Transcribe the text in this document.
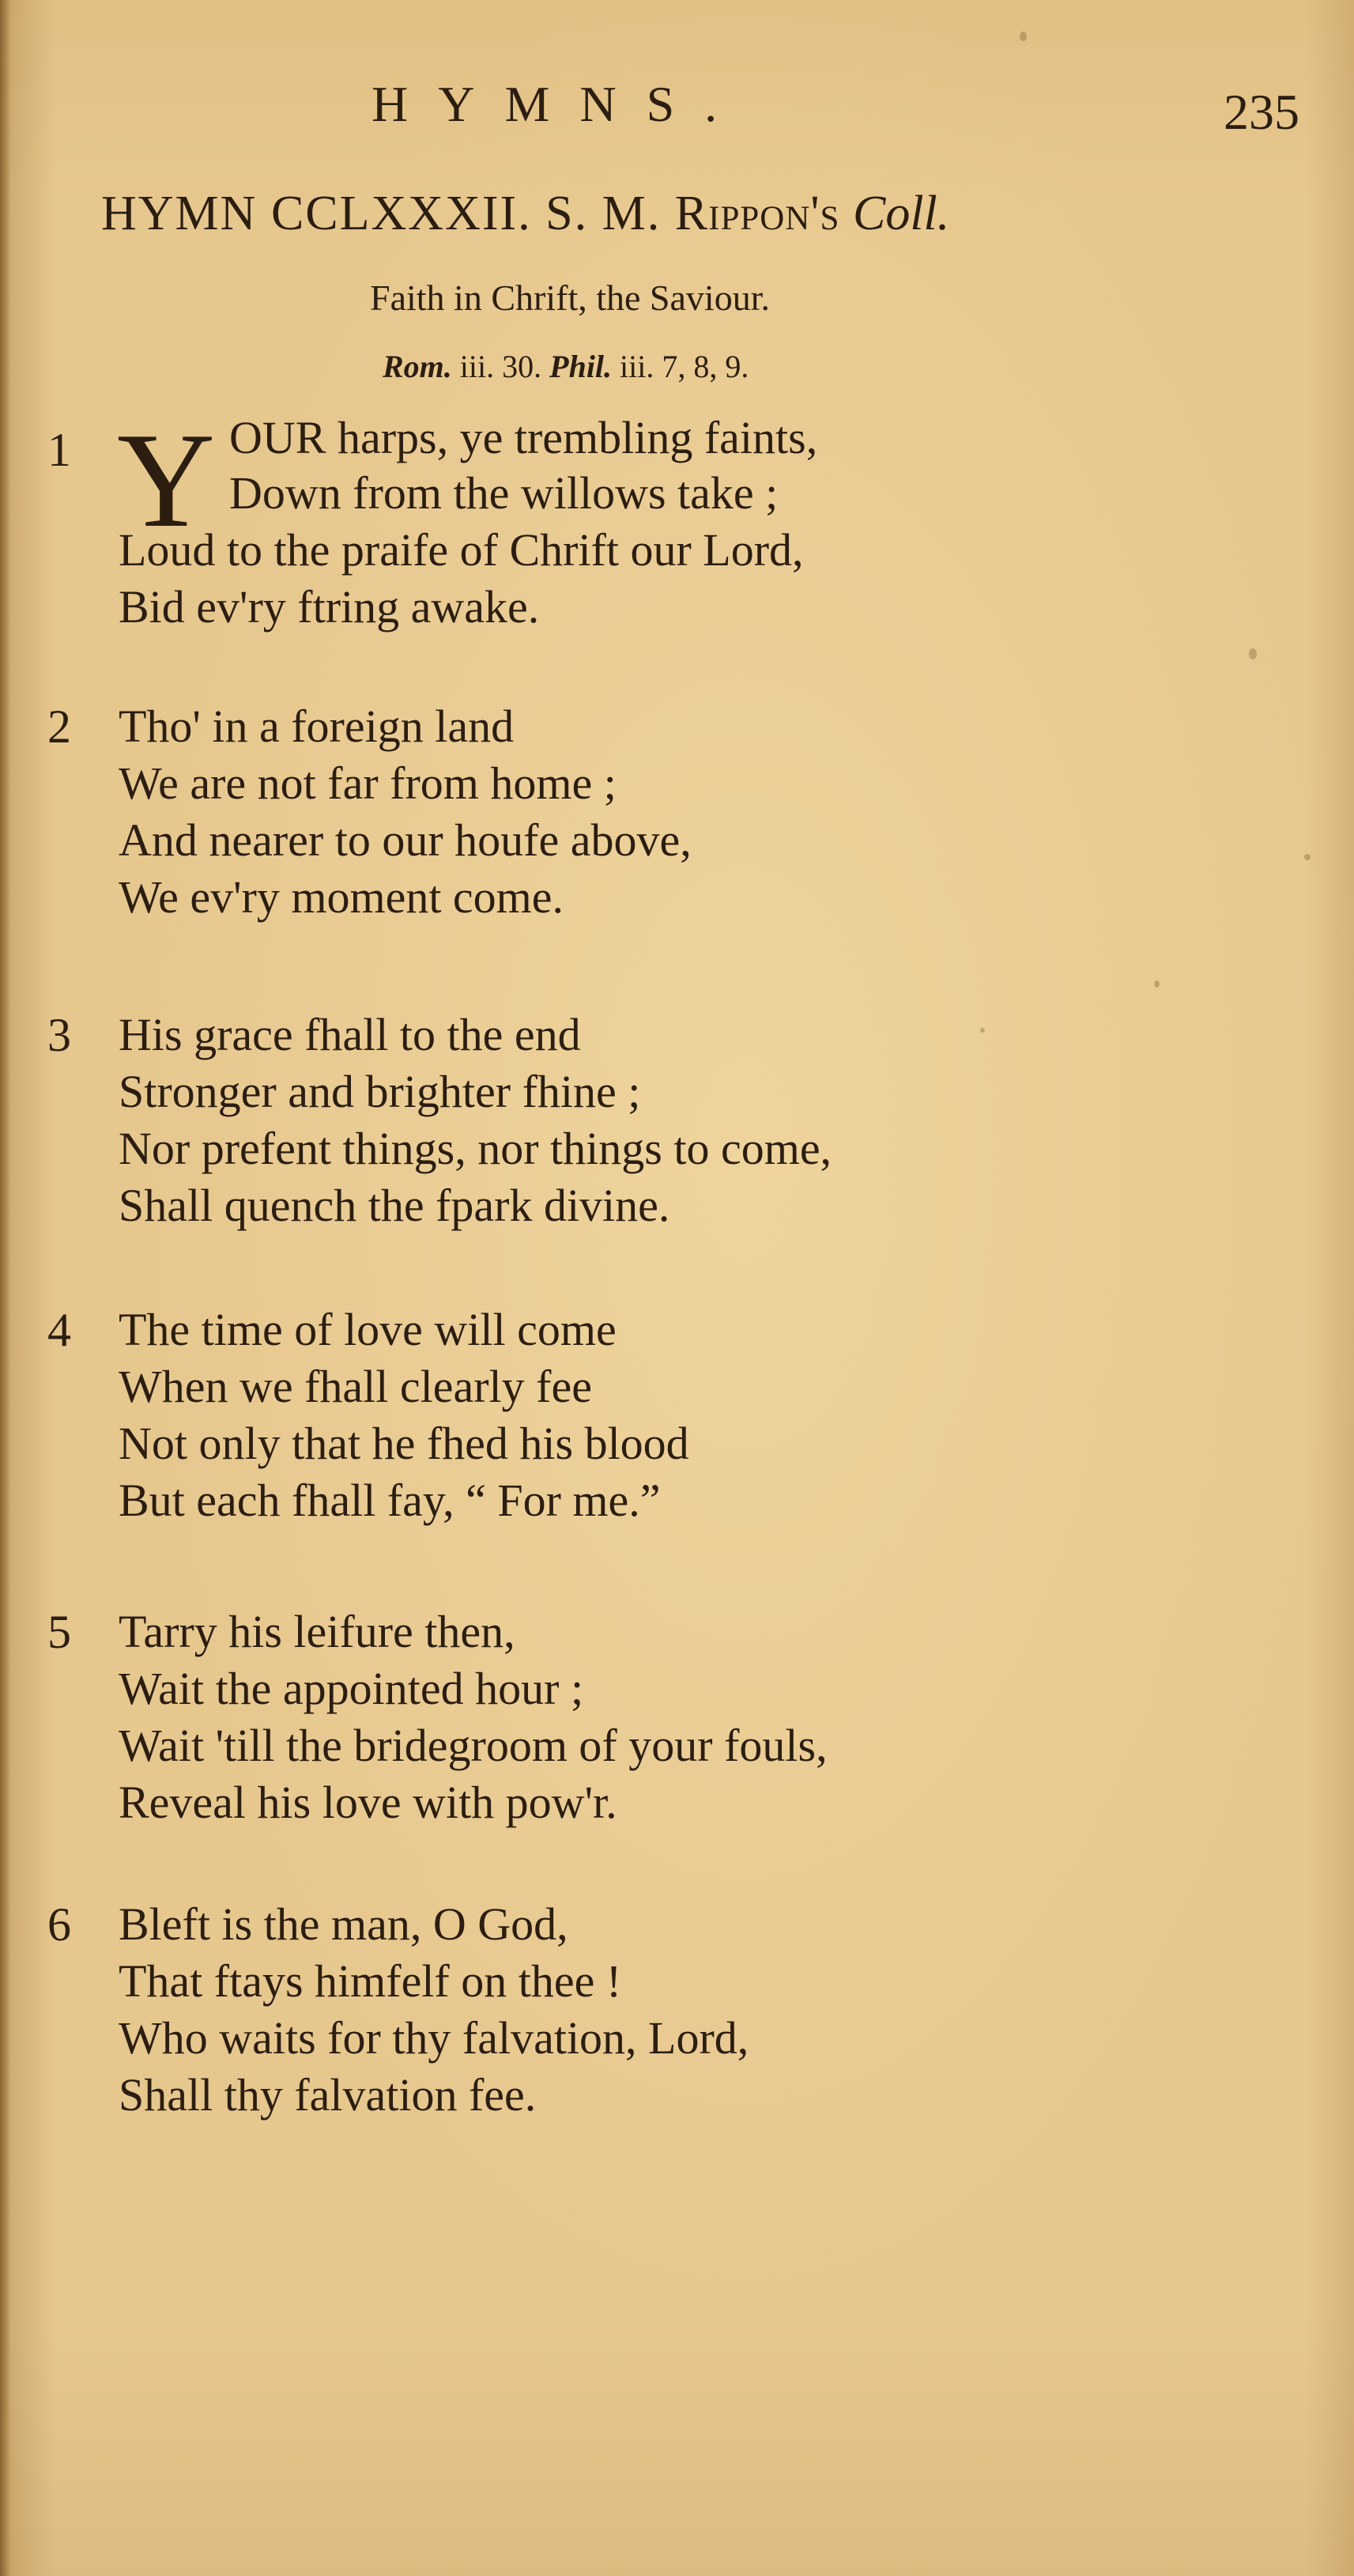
HYMNS.	235
HYMN CCLXXXII. S. M. Rippon's Coll.
Faith in Chrift, the Saviour.
Rom. iii. 30. Phil. iii. 7, 8, 9.
1 Y OUR harps, ye trembling faints,
Down from the willows take ;
Loud to the praife of Chrift our Lord,
Bid ev'ry ftring awake.
2 Tho' in a foreign land
We are not far from home ;
And nearer to our houfe above,
We ev'ry moment come.
3 His grace fhall to the end
Stronger and brighter fhine ;
Nor prefent things, nor things to come,
Shall quench the fpark divine.
4 The time of love will come
When we fhall clearly fee
Not only that he fhed his blood
But each fhall fay, “ For me.”
5 Tarry his leifure then,
Wait the appointed hour ;
Wait 'till the bridegroom of your fouls,
Reveal his love with pow'r.
6 Bleft is the man, O God,
That ftays himfelf on thee !
Who waits for thy falvation, Lord,
Shall thy falvation fee.
